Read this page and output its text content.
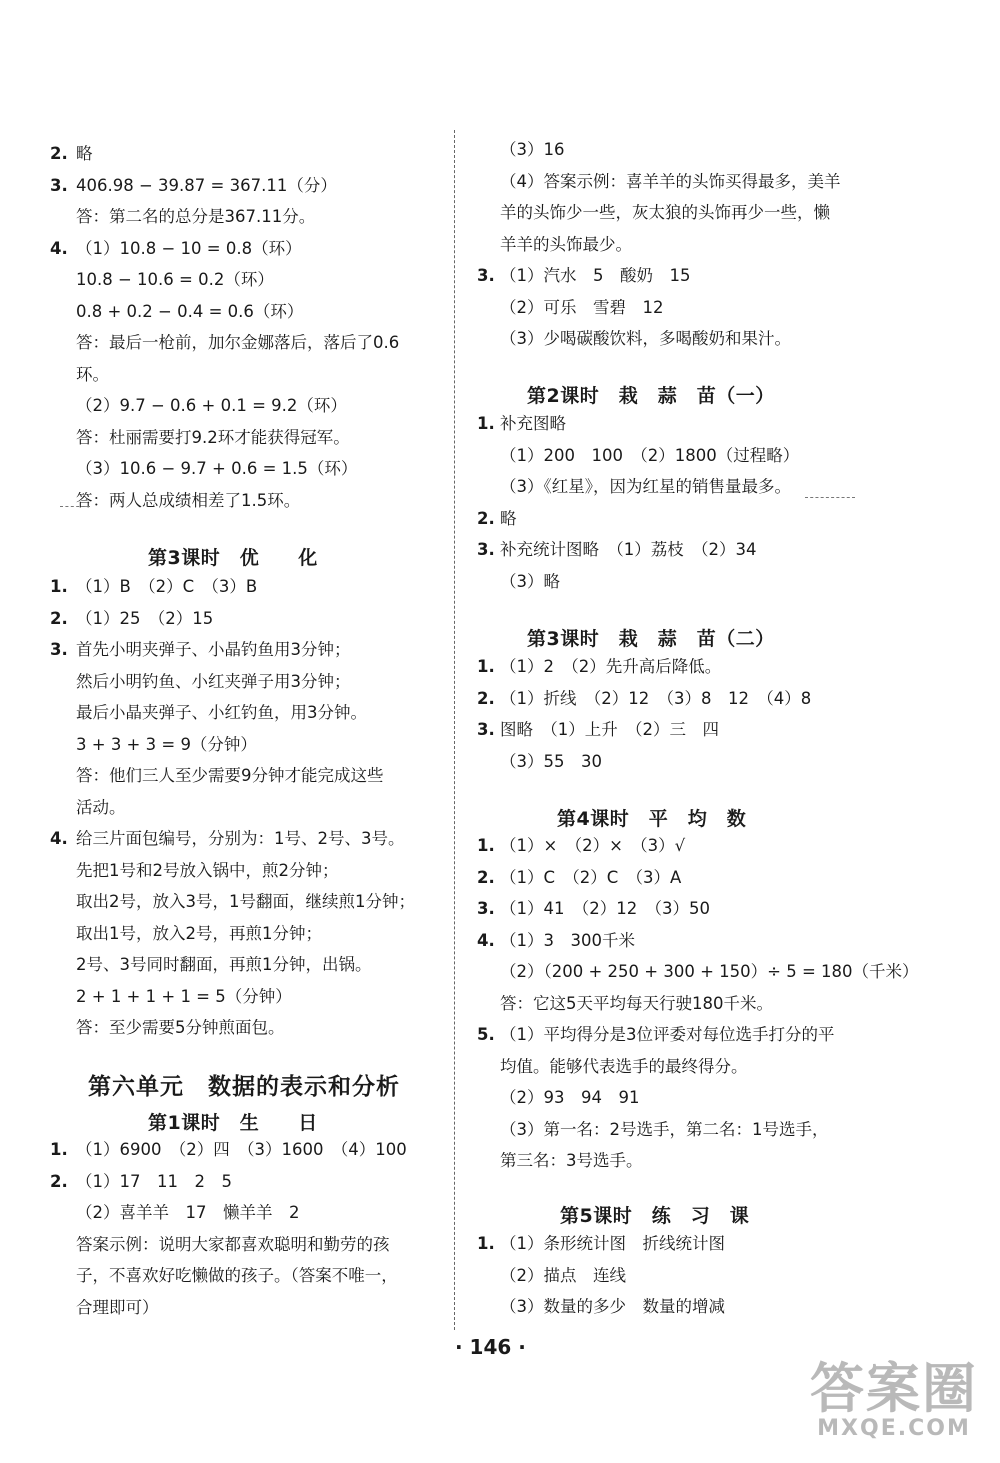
2. 略
3. 406.98 − 39.87 = 367.11（分）
答：第二名的总分是367.11分。
4. （1）10.8 − 10 = 0.8（环）
10.8 − 10.6 = 0.2（环）
0.8 + 0.2 − 0.4 = 0.6（环）
答：最后一枪前，加尔金娜落后，落后了0.6
环。
（2）9.7 − 0.6 + 0.1 = 9.2（环）
答：杜丽需要打9.2环才能获得冠军。
（3）10.6 − 9.7 + 0.6 = 1.5（环）
答：两人总成绩相差了1.5环。
第3课时　优　　化
1. （1）B　（2）C　（3）B
2. （1）25　（2）15
3. 首先小明夹弹子、小晶钓鱼用3分钟；
然后小明钓鱼、小红夹弹子用3分钟；
最后小晶夹弹子、小红钓鱼，用3分钟。
3 + 3 + 3 = 9（分钟）
答：他们三人至少需要9分钟才能完成这些
活动。
4. 给三片面包编号，分别为：1号、2号、3号。
先把1号和2号放入锅中，煎2分钟；
取出2号，放入3号，1号翻面，继续煎1分钟；
取出1号，放入2号，再煎1分钟；
2号、3号同时翻面，再煎1分钟，出锅。
2 + 1 + 1 + 1 = 5（分钟）
答：至少需要5分钟煎面包。
第六单元　数据的表示和分析
第1课时　生　　日
1. （1）6900　（2）四　（3）1600　（4）100
2. （1）17　11　2　5
（2）喜羊羊　17　懒羊羊　2
答案示例：说明大家都喜欢聪明和勤劳的孩
子，不喜欢好吃懒做的孩子。（答案不唯一，
合理即可）
（3）16
（4）答案示例：喜羊羊的头饰买得最多，美羊
羊的头饰少一些，灰太狼的头饰再少一些，懒
羊羊的头饰最少。
3. （1）汽水　5　酸奶　15
（2）可乐　雪碧　12
（3）少喝碳酸饮料，多喝酸奶和果汁。
第2课时　栽　蒜　苗（一）
1. 补充图略
（1）200　100　（2）1800（过程略）
（3）《红星》，因为红星的销售量最多。
2. 略
3. 补充统计图略　（1）荔枝　（2）34
（3）略
第3课时　栽　蒜　苗（二）
1. （1）2　（2）先升高后降低。
2. （1）折线　（2）12　（3）8　12　（4）8
3. 图略　（1）上升　（2）三　四
（3）55　30
第4课时　平　均　数
1. （1）×　（2）×　（3）√
2. （1）C　（2）C　（3）A
3. （1）41　（2）12　（3）50
4. （1）3　300千米
（2）（200 + 250 + 300 + 150）÷ 5 = 180（千米）
答：它这5天平均每天行驶180千米。
5. （1）平均得分是3位评委对每位选手打分的平
均值。能够代表选手的最终得分。
（2）93　94　91
（3）第一名：2号选手，第二名：1号选手，
第三名：3号选手。
第5课时　练　习　课
1. （1）条形统计图　折线统计图
（2）描点　连线
（3）数量的多少　数量的增减
· 146 ·
答案圈
MXQE.COM
